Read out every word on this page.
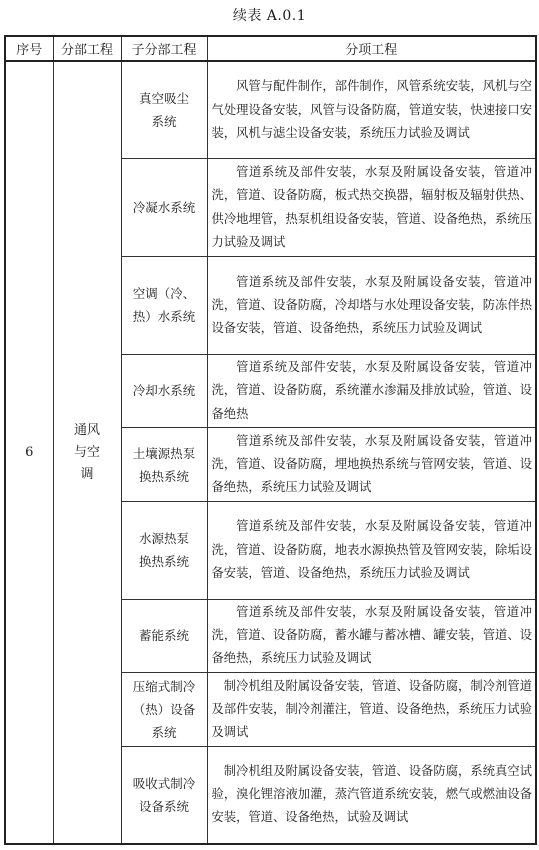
续表 A.0.1
序号	分部工程	子分部工程	分项工程
6	通风与空调	真空吸尘系统	风管与配件制作，部件制作，风管系统安装，风机与空气处理设备安装，风管与设备防腐，管道安装，快速接口安装，风机与滤尘设备安装，系统压力试验及调试
		冷凝水系统	管道系统及部件安装，水泵及附属设备安装，管道冲洗，管道、设备防腐，板式热交换器，辐射板及辐射供热、供冷地埋管，热泵机组设备安装，管道、设备绝热，系统压力试验及调试

		空调（冷、热）水系统	管道系统及部件安装，水泵及附属设备安装，管道冲洗，管道、设备防腐，冷却塔与水处理设备安装，防冻伴热设备安装，管道、设备绝热，系统压力试验及调试
		冷却水系统	管道系统及部件安装，水泵及附属设备安装，管道冲洗，管道、设备防腐，系统灌水渗漏及排放试验，管道、设备绝热

		土壤源热泵换热系统	管道系统及部件安装，水泵及附属设备安装，管道冲洗，管道、设备防腐，埋地换热系统与管网安装，管道、设备绝热，系统压力试验及调试

		水源热泵换热系统	管道系统及部件安装，水泵及附属设备安装，管道冲洗，管道、设备防腐，地表水源换热管及管网安装，除垢设备安装，管道、设备绝热，系统压力试验及调试
		蓄能系统	管道系统及部件安装，水泵及附属设备安装，管道冲洗，管道、设备防腐，蓄水罐与蓄冰槽、罐安装，管道、设备绝热，系统压力试验及调试

		压缩式制冷（热）设备系统	制冷机组及附属设备安装，管道、设备防腐，制冷剂管道及部件安装，制冷剂灌注，管道、设备绝热，系统压力试验及调试

		吸收式制冷设备系统	制冷机组及附属设备安装，管道、设备防腐，系统真空试验，溴化锂溶液加灌，蒸汽管道系统安装，燃气或燃油设备安装，管道、设备绝热，试验及调试
